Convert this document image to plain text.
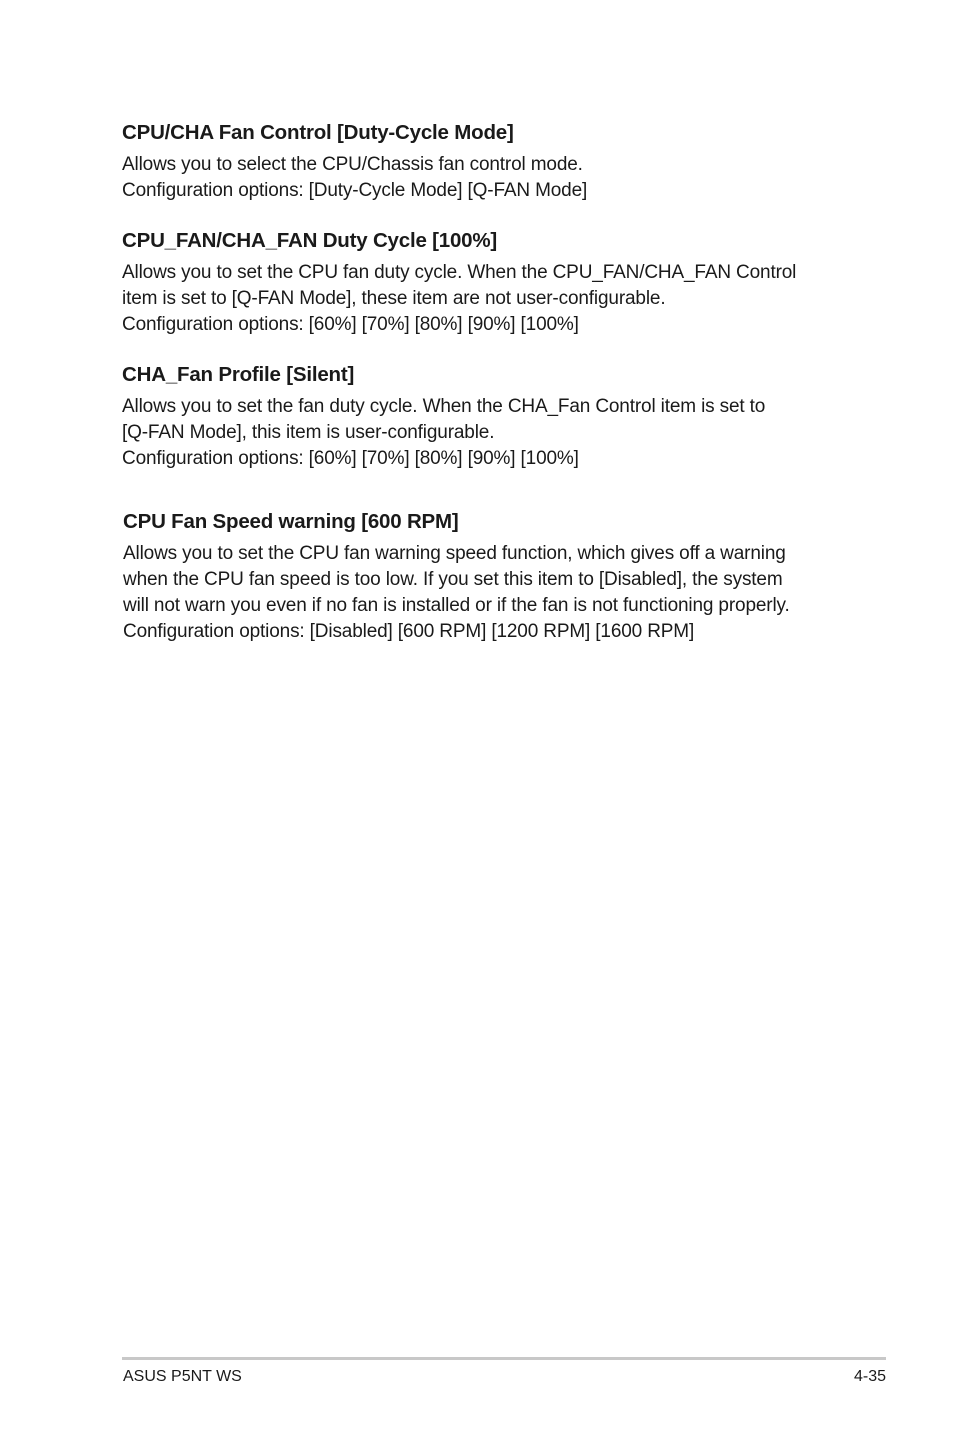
CPU/CHA Fan Control [Duty-Cycle Mode]

Allows you to select the CPU/Chassis fan control mode.
Configuration options: [Duty-Cycle Mode] [Q-FAN Mode]

CPU_FAN/CHA_FAN Duty Cycle [100%]

Allows you to set the CPU fan duty cycle. When the CPU_FAN/CHA_FAN Control
item is set to [Q-FAN Mode], these item are not user-configurable.
Configuration options: [60%] [70%] [80%] [90%] [100%]

CHA_Fan Profile [Silent]

Allows you to set the fan duty cycle. When the CHA_Fan Control item is set to
[Q-FAN Mode], this item is user-configurable.
Configuration options: [60%] [70%] [80%] [90%] [100%]

CPU Fan Speed warning [600 RPM]

Allows you to set the CPU fan warning speed function, which gives off a warning
when the CPU fan speed is too low. If you set this item to [Disabled], the system
will not warn you even if no fan is installed or if the fan is not functioning properly.
Configuration options: [Disabled] [600 RPM] [1200 RPM] [1600 RPM]

ASUS P5NT WS	4-35
